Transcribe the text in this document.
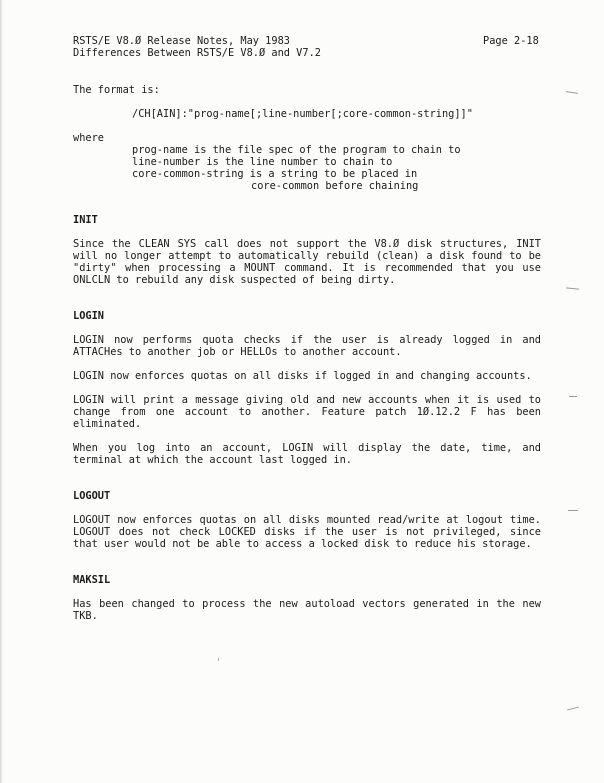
RSTS/E V8.Ø Release Notes, May 1983
Differences Between RSTS/E V8.Ø and V7.2
Page 2-18
The format is:
/CH[AIN]:"prog-name[;line-number[;core-common-string]]"
where
prog-name is the file spec of the program to chain to
line-number is the line number to chain to
core-common-string is a string to be placed in
core-common before chaining
INIT
Since the CLEAN SYS call does not support the V8.Ø disk structures, INIT will no longer attempt to automatically rebuild (clean) a disk found to be "dirty" when processing a MOUNT command. It is recommended that you use ONLCLN to rebuild any disk suspected of being dirty.
LOGIN
LOGIN now performs quota checks if the user is already logged in and ATTACHes to another job or HELLOs to another account.
LOGIN now enforces quotas on all disks if logged in and changing accounts.
LOGIN will print a message giving old and new accounts when it is used to change from one account to another. Feature patch 1Ø.12.2 F has been eliminated.
When you log into an account, LOGIN will display the date, time, and terminal at which the account last logged in.
LOGOUT
LOGOUT now enforces quotas on all disks mounted read/write at logout time. LOGOUT does not check LOCKED disks if the user is not privileged, since that user would not be able to access a locked disk to reduce his storage.
MAKSIL
Has been changed to process the new autoload vectors generated in the new TKB.
